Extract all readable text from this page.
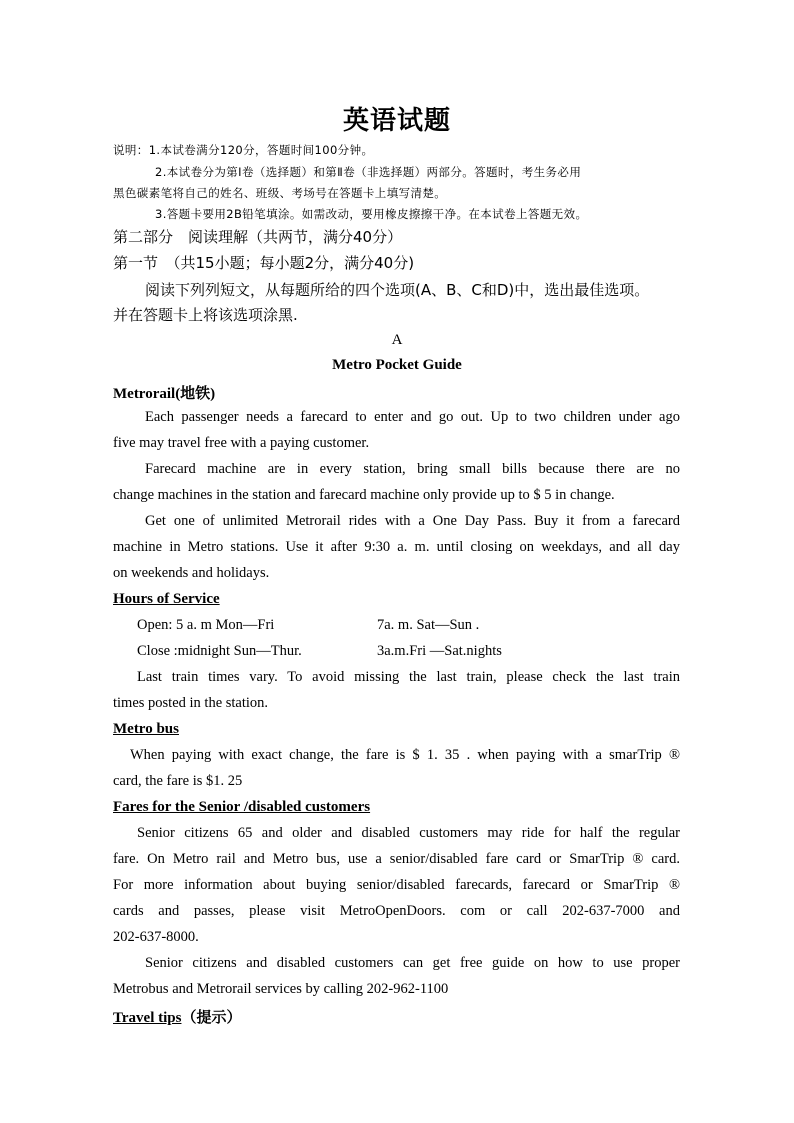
英语试题
说明：1.本试卷满分120分，答题时间100分钟。
2.本试卷分为第Ⅰ卷（选择题）和第Ⅱ卷（非选择题）两部分。答题时，考生务必用
黑色碳素笔将自己的姓名、班级、考场号在答题卡上填写清楚。
3.答题卡要用2B铅笔填涂。如需改动，要用橡皮擦擦干净。在本试卷上答题无效。
第二部分　阅读理解（共两节，满分40分）
第一节　（共15小题；每小题2分，满分40分)
阅读下列列短文，从每题所给的四个选项(A、B、C和D)中，选出最佳选项。
并在答题卡上将该选项涂黑.
A
Metro Pocket Guide
Metrorail(地铁)
Each passenger needs a farecard to enter and go out. Up to two children under ago
five may travel free with a paying customer.
Farecard machine are in every station, bring small bills because there are no
change machines in the station and farecard machine only provide up to $ 5 in change.
Get one of unlimited Metrorail rides with a One Day Pass. Buy it from a farecard
machine in Metro stations. Use it after 9:30 a. m. until closing on weekdays, and all day
on weekends and holidays.
Hours of Service
Open: 5 a. m Mon—Fri	7a. m. Sat—Sun .
Close :midnight Sun—Thur.	3a.m.Fri —Sat.nights
Last train times vary. To avoid missing the last train, please check the last train
times posted in the station.
Metro bus
When paying with exact change, the fare is $ 1. 35 . when paying with a smarTrip ®
card, the fare is $1. 25
Fares for the Senior /disabled customers
Senior citizens 65 and older and disabled customers may ride for half the regular
fare. On Metro rail and Metro bus, use a senior/disabled fare card or SmarTrip ® card.
For more information about buying senior/disabled farecards, farecard or SmarTrip ®
cards and passes, please visit MetroOpenDoors. com or call 202-637-7000 and
202-637-8000.
Senior citizens and disabled customers can get free guide on how to use proper
Metrobus and Metrorail services by calling 202-962-1100
Travel tips（提示）
